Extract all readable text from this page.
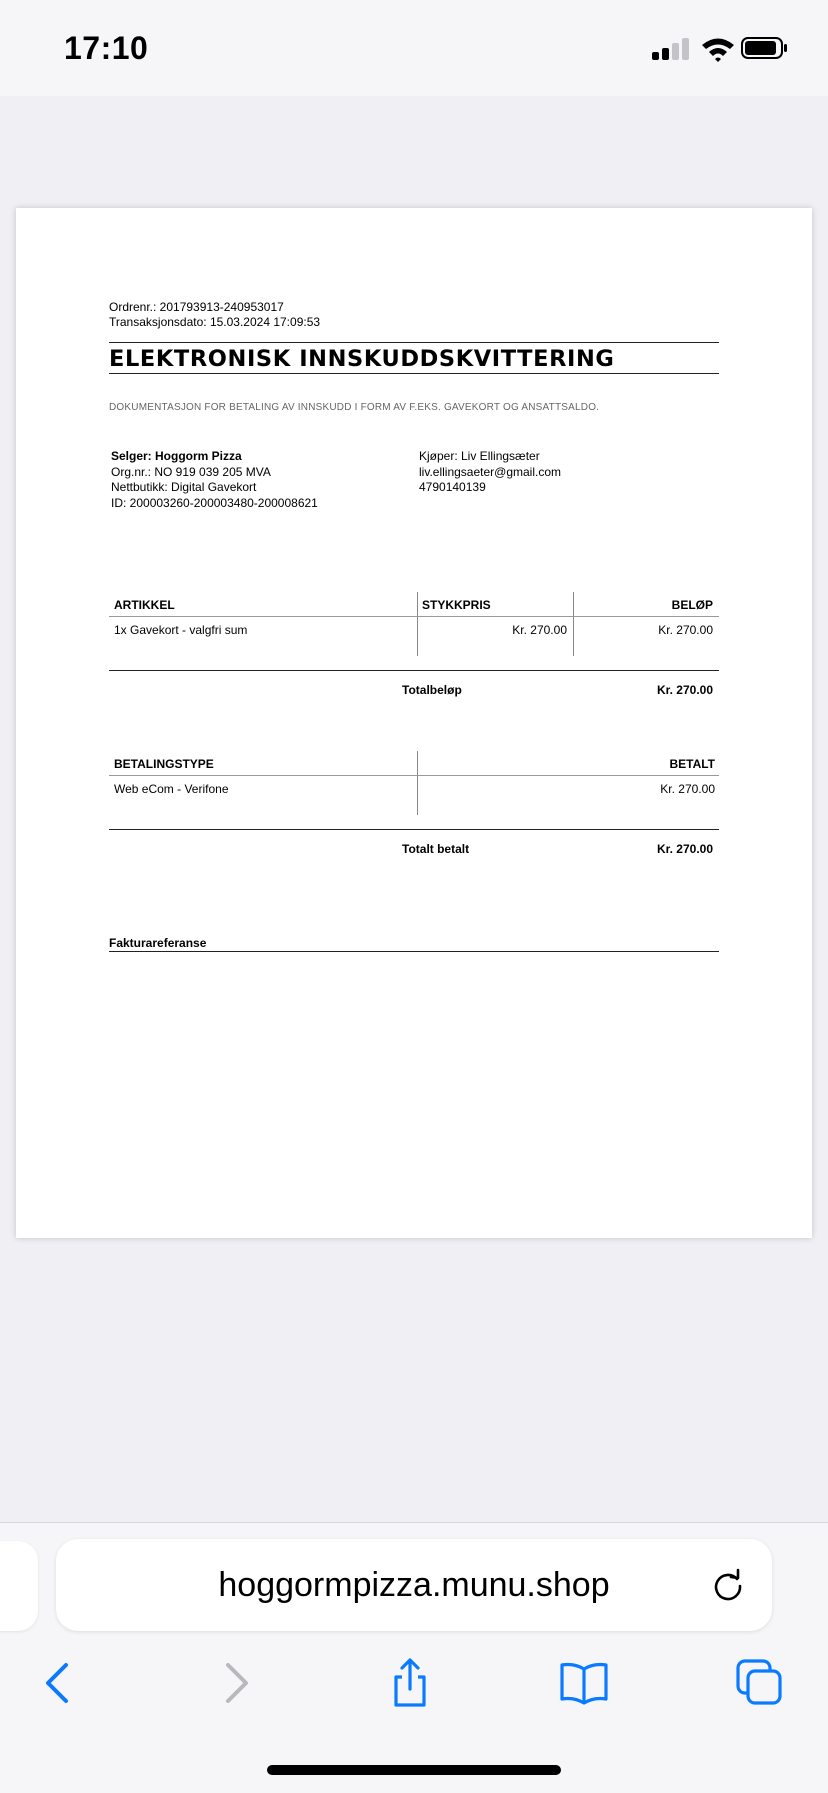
17:10
Ordrenr.: 201793913-240953017
Transaksjonsdato: 15.03.2024 17:09:53
ELEKTRONISK INNSKUDDSKVITTERING
DOKUMENTASJON FOR BETALING AV INNSKUDD I FORM AV F.EKS. GAVEKORT OG ANSATTSALDO.
Selger: Hoggorm Pizza
Org.nr.: NO 919 039 205 MVA
Nettbutikk: Digital Gavekort
ID: 200003260-200003480-200008621
Kjøper: Liv Ellingsæter
liv.ellingsaeter@gmail.com
4790140139
ARTIKKEL	STYKKPRIS	BELØP
1x Gavekort - valgfri sum	Kr. 270.00	Kr. 270.00
Totalbeløp	Kr. 270.00
BETALINGSTYPE	BETALT
Web eCom - Verifone	Kr. 270.00
Totalt betalt	Kr. 270.00
Fakturareferanse
hoggormpizza.munu.shop
